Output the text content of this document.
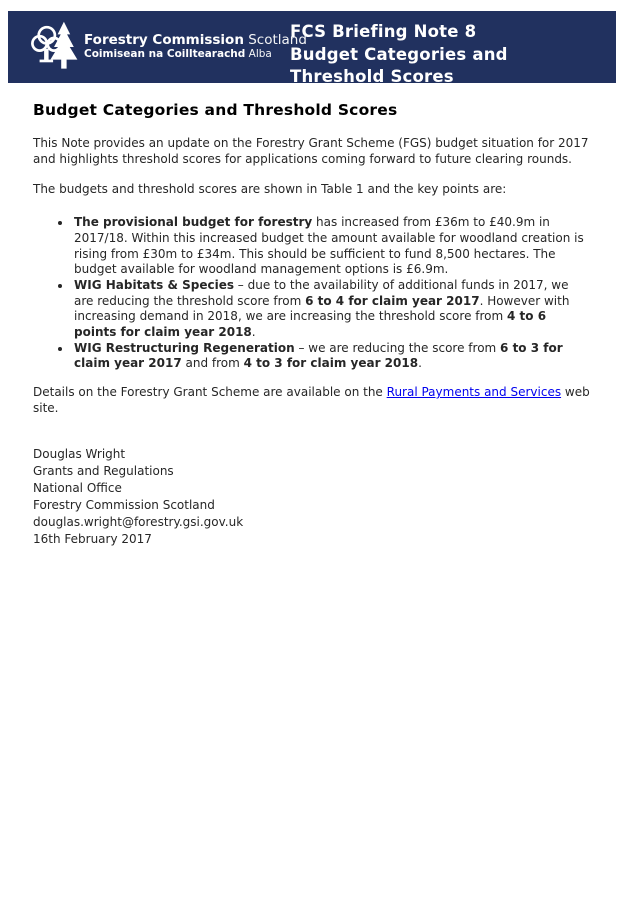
Forestry Commission Scotland
Coimisean na Coilltearachd Alba
FCS Briefing Note 8
Budget Categories and
Threshold Scores
Budget Categories and Threshold Scores

This Note provides an update on the Forestry Grant Scheme (FGS) budget situation for 2017 and highlights threshold scores for applications coming forward to future clearing rounds.

The budgets and threshold scores are shown in Table 1 and the key points are:

• The provisional budget for forestry has increased from £36m to £40.9m in 2017/18. Within this increased budget the amount available for woodland creation is rising from £30m to £34m. This should be sufficient to fund 8,500 hectares. The budget available for woodland management options is £6.9m.
• WIG Habitats & Species – due to the availability of additional funds in 2017, we are reducing the threshold score from 6 to 4 for claim year 2017. However with increasing demand in 2018, we are increasing the threshold score from 4 to 6 points for claim year 2018.
• WIG Restructuring Regeneration – we are reducing the score from 6 to 3 for claim year 2017 and from 4 to 3 for claim year 2018.

Details on the Forestry Grant Scheme are available on the Rural Payments and Services web site.

Douglas Wright
Grants and Regulations
National Office
Forestry Commission Scotland
douglas.wright@forestry.gsi.gov.uk
16th February 2017
